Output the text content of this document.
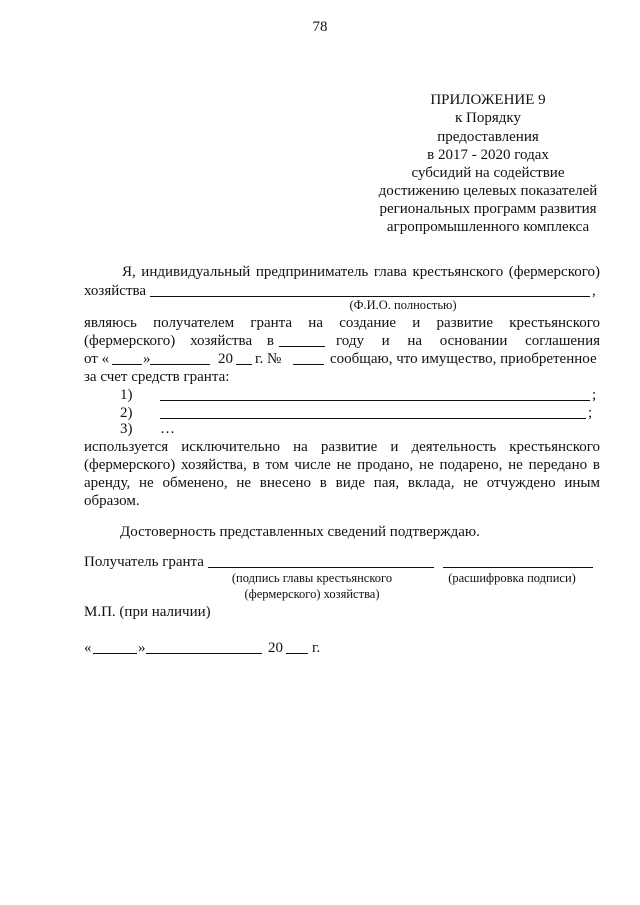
78
ПРИЛОЖЕНИЕ 9
к Порядку
предоставления
в 2017 - 2020 годах
субсидий на содействие
достижению целевых показателей
региональных программ развития
агропромышленного комплекса
Я, индивидуальный предприниматель глава крестьянского (фермерского)
хозяйства	,
(Ф.И.О. полностью)
являюсь получателем гранта на создание и развитие крестьянского
(фермерского) хозяйства в	году и на основании соглашения
от « »	20 г. №	сообщаю, что имущество, приобретенное
за счет средств гранта:
1)	;
2)	;
3) …
используется исключительно на развитие и деятельность крестьянского
(фермерского) хозяйства, в том числе не продано, не подарено, не передано в
аренду, не обменено, не внесено в виде пая, вклада, не отчуждено иным
образом.
Достоверность представленных сведений подтверждаю.
Получатель гранта
(подпись главы крестьянского	(расшифровка подписи)
(фермерского) хозяйства)
М.П. (при наличии)
«	»	20 г.
